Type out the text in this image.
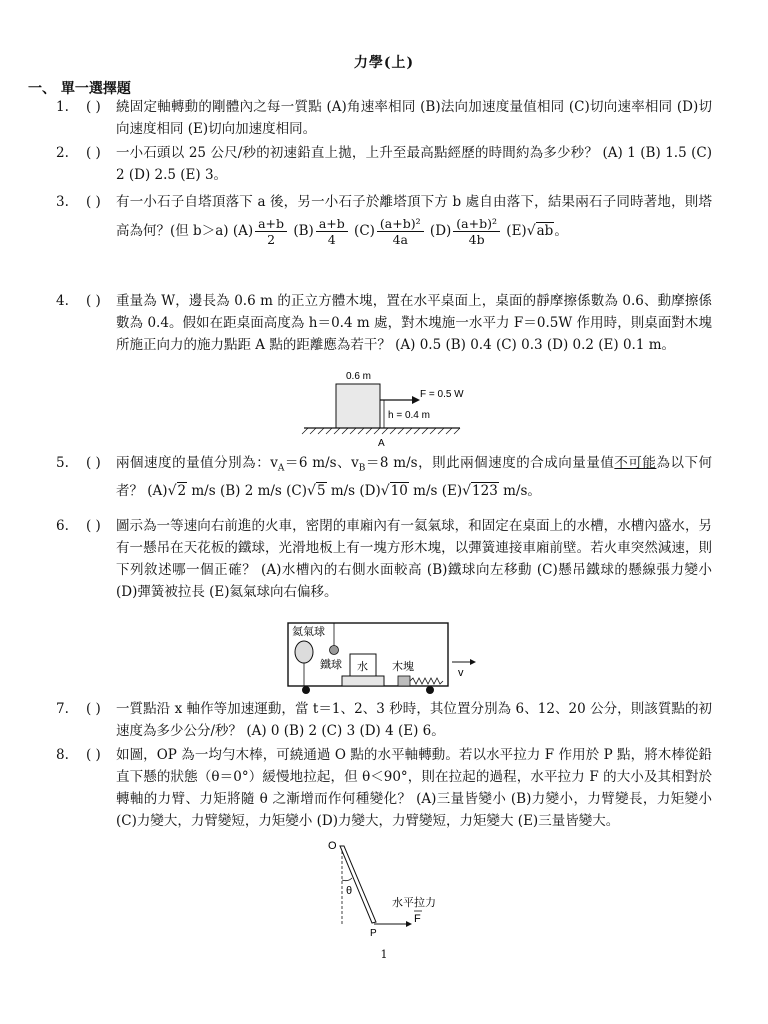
力學(上)
一、 單一選擇題
1.	( ) 繞固定軸轉動的剛體內之每一質點 (A)角速率相同 (B)法向加速度量值相同 (C)切向速率相同 (D)切向速度相同 (E)切向加速度相同。
2.	( ) 一小石頭以 25 公尺/秒的初速鉛直上拋，上升至最高點經歷的時間約為多少秒？ (A) 1 (B) 1.5 (C) 2 (D) 2.5 (E) 3。
3.	( ) 有一小石子自塔頂落下 a 後，另一小石子於離塔頂下方 b 處自由落下，結果兩石子同時著地，則塔高為何？(但 b＞a) $(A) \frac{a+b}{2} (B) \frac{a+b}{4} (C) \frac{\text{(a+b)²}}{4a} (D) \frac{\text{(a+b)²}}{4b} (E)√ab$。
4.	( ) 重量為 W，邊長為 0.6 m 的正立方體木塊，置在水平桌面上，桌面的靜摩擦係數為 0.6、動摩擦係數為 0.4。假如在距桌面高度為 h＝0.4 m 處，對木塊施一水平力 F＝0.5W 作用時，則桌面對木塊所施正向力的施力點距 A 點的距離應為若干？ (A) 0.5 (B) 0.4 (C) 0.3 (D) 0.2 (E) 0.1 m。
0.6 m
F = 0.5 W
h = 0.4 m
A
5.	( ) 兩個速度的量值分別為：$v_A=6$ m/s、$v_B=8$ m/s，則此兩個速度的合成向量量值不可能為以下何者？ (A)√2 m/s (B) 2 m/s (C)√5 m/s (D)√10 m/s (E)√123 m/s。
6.	( ) 圖示為一等速向右前進的火車，密閉的車廂內有一氦氣球，和固定在桌面上的水槽，水槽內盛水，另有一懸吊在天花板的鐵球，光滑地板上有一塊方形木塊，以彈簧連接車廂前壁。若火車突然減速，則下列敘述哪一個正確？ (A)水槽內的右側水面較高 (B)鐵球向左移動 (C)懸吊鐵球的懸線張力變小 (D)彈簧被拉長 (E)氦氣球向右偏移。
氦氣球
鐵球 水 木塊	v
7.	( ) 一質點沿 x 軸作等加速運動，當 t＝1、2、3 秒時，其位置分別為 6、12、20 公分，則該質點的初速度為多少公分/秒？ (A) 0 (B) 2 (C) 3 (D) 4 (E) 6。
8.	( ) 如圖，OP 為一均勻木棒，可繞通過 O 點的水平軸轉動。若以水平拉力 F 作用於 P 點，將木棒從鉛直下懸的狀態（θ＝0°）緩慢地拉起，但 θ＜90°，則在拉起的過程，水平拉力 F 的大小及其相對於轉軸的力臂、力矩將隨 θ 之漸增而作何種變化？ (A)三量皆變小 (B)力變小，力臂變長，力矩變小 (C)力變大，力臂變短，力矩變小 (D)力變大，力臂變短，力矩變大 (E)三量皆變大。
O
θ
水平拉力
F
P
1
